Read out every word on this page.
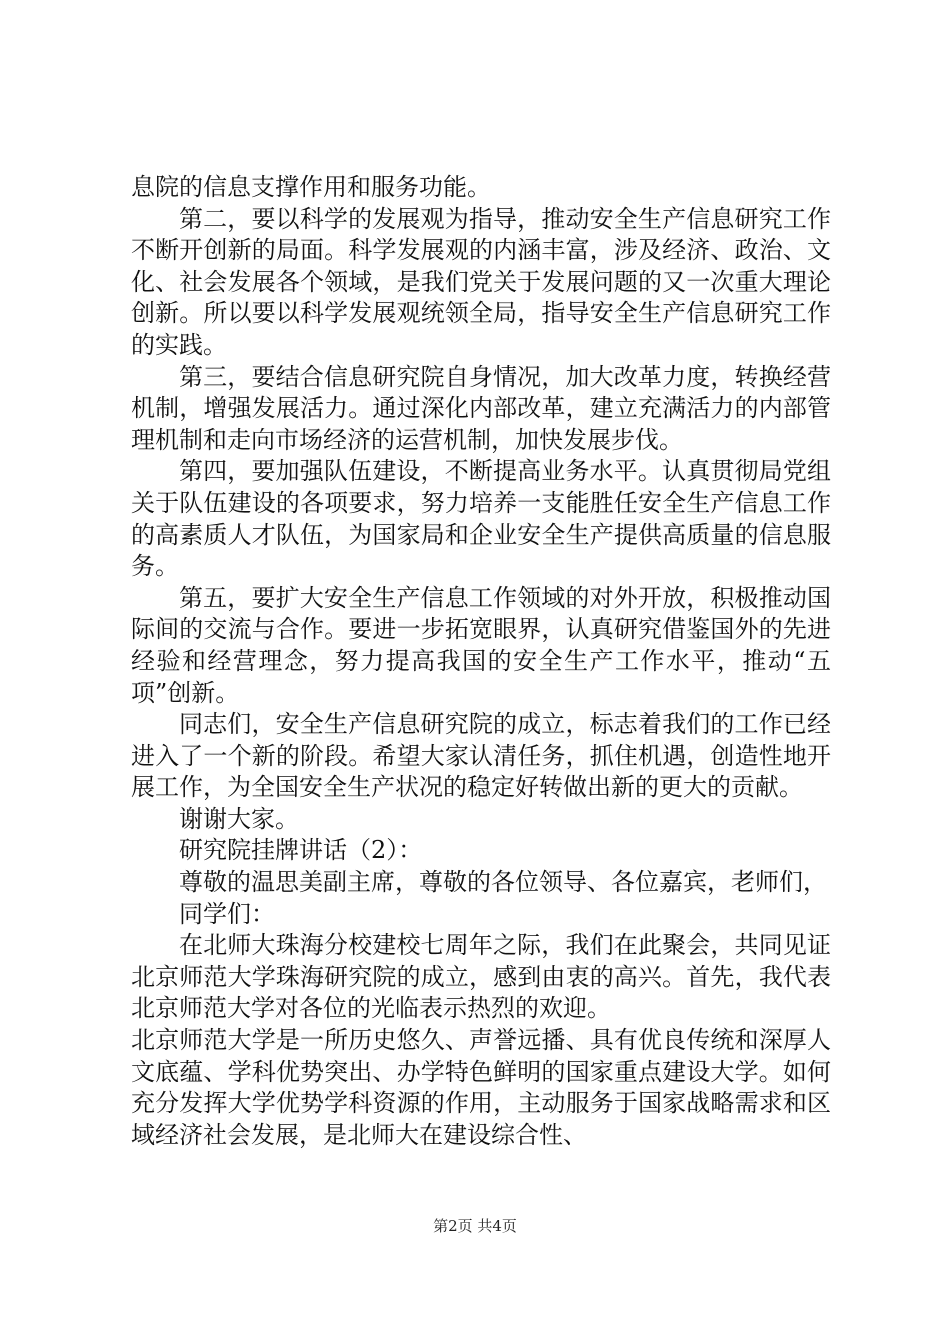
息院的信息支撑作用和服务功能。

第二，要以科学的发展观为指导，推动安全生产信息研究工作不断开创新的局面。科学发展观的内涵丰富，涉及经济、政治、文化、社会发展各个领域，是我们党关于发展问题的又一次重大理论创新。所以要以科学发展观统领全局，指导安全生产信息研究工作的实践。

第三，要结合信息研究院自身情况，加大改革力度，转换经营机制，增强发展活力。通过深化内部改革，建立充满活力的内部管理机制和走向市场经济的运营机制，加快发展步伐。

第四，要加强队伍建设，不断提高业务水平。认真贯彻局党组关于队伍建设的各项要求，努力培养一支能胜任安全生产信息工作的高素质人才队伍，为国家局和企业安全生产提供高质量的信息服务。

第五，要扩大安全生产信息工作领域的对外开放，积极推动国际间的交流与合作。要进一步拓宽眼界，认真研究借鉴国外的先进经验和经营理念，努力提高我国的安全生产工作水平，推动“五项”创新。

同志们，安全生产信息研究院的成立，标志着我们的工作已经进入了一个新的阶段。希望大家认清任务，抓住机遇，创造性地开展工作，为全国安全生产状况的稳定好转做出新的更大的贡献。

谢谢大家。

研究院挂牌讲话（2）：

尊敬的温思美副主席，尊敬的各位领导、各位嘉宾，老师们，

同学们：

在北师大珠海分校建校七周年之际，我们在此聚会，共同见证北京师范大学珠海研究院的成立，感到由衷的高兴。首先，我代表北京师范大学对各位的光临表示热烈的欢迎。

北京师范大学是一所历史悠久、声誉远播、具有优良传统和深厚人文底蕴、学科优势突出、办学特色鲜明的国家重点建设大学。如何充分发挥大学优势学科资源的作用，主动服务于国家战略需求和区域经济社会发展，是北师大在建设综合性、

第2页 共4页
